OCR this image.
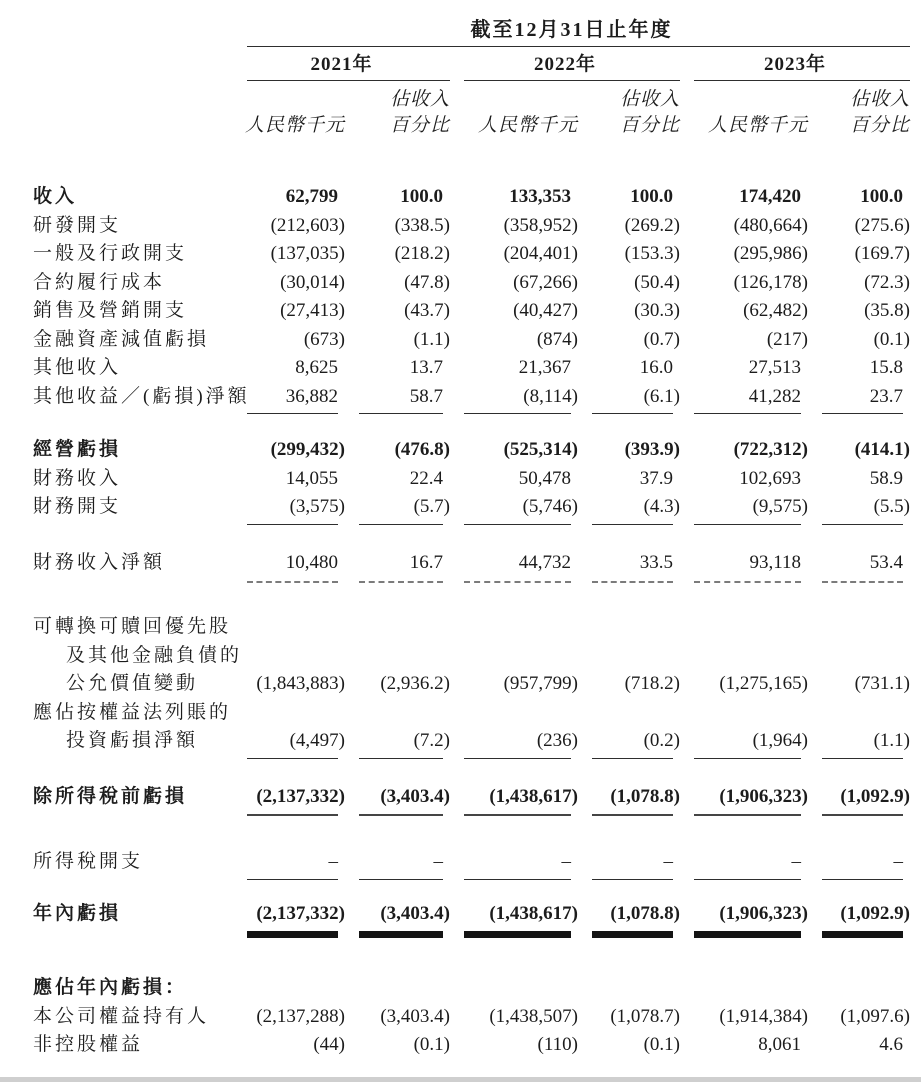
截至12月31日止年度
2021年	2022年	2023年
佔收入	佔收入	佔收入
人民幣千元	百分比	人民幣千元	百分比	人民幣千元	百分比
收入	62,799	100.0	133,353	100.0	174,420	100.0
研發開支	(212,603)	(338.5)	(358,952)	(269.2)	(480,664)	(275.6)
一般及行政開支	(137,035)	(218.2)	(204,401)	(153.3)	(295,986)	(169.7)
合約履行成本	(30,014)	(47.8)	(67,266)	(50.4)	(126,178)	(72.3)
銷售及營銷開支	(27,413)	(43.7)	(40,427)	(30.3)	(62,482)	(35.8)
金融資產減值虧損	(673)	(1.1)	(874)	(0.7)	(217)	(0.1)
其他收入	8,625	13.7	21,367	16.0	27,513	15.8
其他收益／(虧損)淨額	36,882	58.7	(8,114)	(6.1)	41,282	23.7
經營虧損	(299,432)	(476.8)	(525,314)	(393.9)	(722,312)	(414.1)
財務收入	14,055	22.4	50,478	37.9	102,693	58.9
財務開支	(3,575)	(5.7)	(5,746)	(4.3)	(9,575)	(5.5)
財務收入淨額	10,480	16.7	44,732	33.5	93,118	53.4
可轉換可贖回優先股
及其他金融負債的
公允價值變動	(1,843,883)	(2,936.2)	(957,799)	(718.2)	(1,275,165)	(731.1)
應佔按權益法列賬的
投資虧損淨額	(4,497)	(7.2)	(236)	(0.2)	(1,964)	(1.1)
除所得稅前虧損	(2,137,332)	(3,403.4)	(1,438,617)	(1,078.8)	(1,906,323)	(1,092.9)
所得稅開支	–	–	–	–	–	–
年內虧損	(2,137,332)	(3,403.4)	(1,438,617)	(1,078.8)	(1,906,323)	(1,092.9)
應佔年內虧損：
本公司權益持有人	(2,137,288)	(3,403.4)	(1,438,507)	(1,078.7)	(1,914,384)	(1,097.6)
非控股權益	(44)	(0.1)	(110)	(0.1)	8,061	4.6
